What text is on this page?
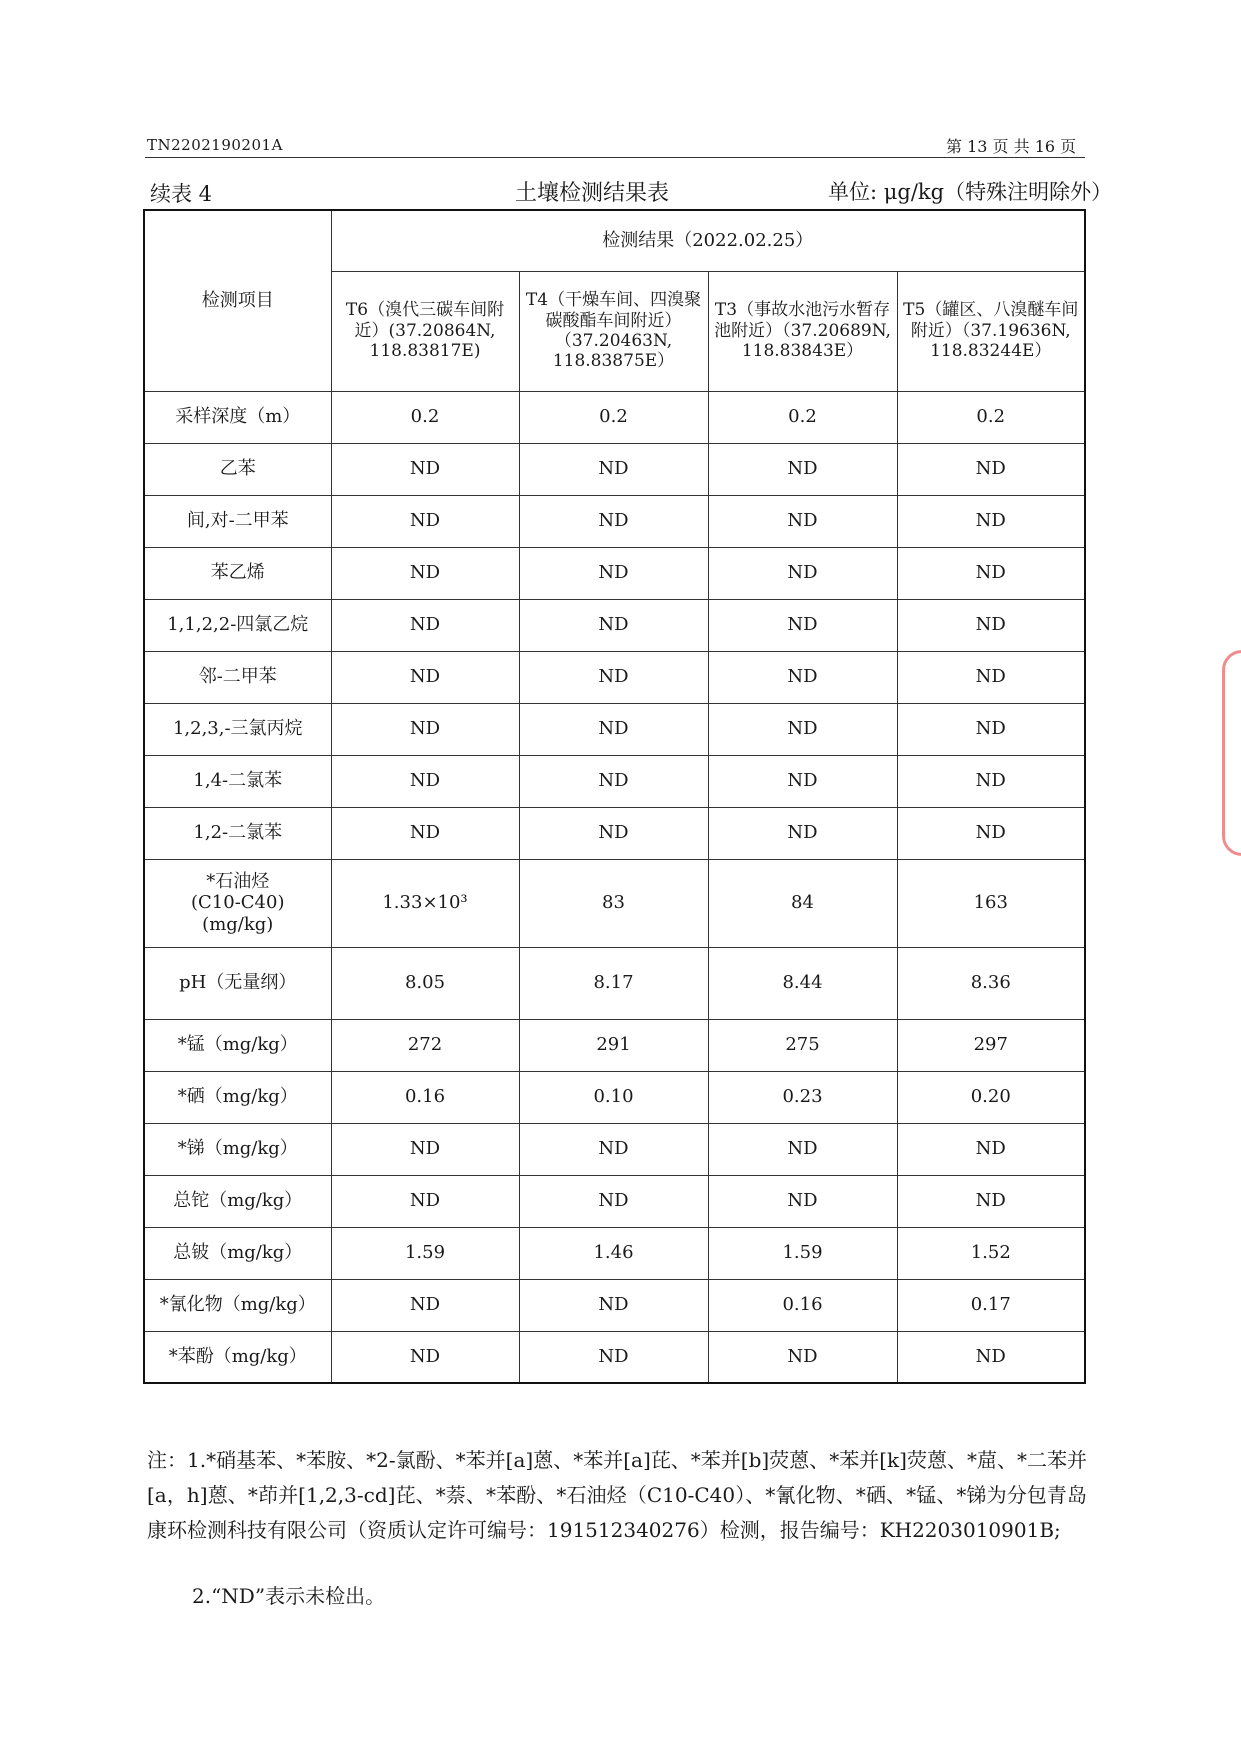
TN2202190201A	第 13 页 共 16 页
续表 4	土壤检测结果表	单位: μg/kg（特殊注明除外）
检测项目	检测结果（2022.02.25）			
	T6（溴代三碳车间附近）(37.20864N, 118.83817E)	T4（干燥车间、四溴聚碳酸酯车间附近）（37.20463N, 118.83875E）	T3（事故水池污水暂存池附近）（37.20689N, 118.83843E）	T5（罐区、八溴醚车间附近）（37.19636N, 118.83244E）
采样深度（m）	0.2	0.2	0.2	0.2
乙苯	ND	ND	ND	ND
间,对-二甲苯	ND	ND	ND	ND
苯乙烯	ND	ND	ND	ND
1,1,2,2-四氯乙烷	ND	ND	ND	ND
邻-二甲苯	ND	ND	ND	ND
1,2,3,-三氯丙烷	ND	ND	ND	ND
1,4-二氯苯	ND	ND	ND	ND
1,2-二氯苯	ND	ND	ND	ND

*石油烃
(C10-C40)
(mg/kg)	1.33×10³	83	84	163
pH（无量纲）	8.05	8.17	8.44	8.36
*锰（mg/kg）	272	291	275	297
*硒（mg/kg）	0.16	0.10	0.23	0.20
*锑（mg/kg）	ND	ND	ND	ND
总铊（mg/kg）	ND	ND	ND	ND
总铍（mg/kg）	1.59	1.46	1.59	1.52
*氰化物（mg/kg）	ND	ND	0.16	0.17
*苯酚（mg/kg）	ND	ND	ND	ND
注：1.*硝基苯、*苯胺、*2-氯酚、*苯并[a]蒽、*苯并[a]芘、*苯并[b]荧蒽、*苯并[k]荧蒽、*䓛、*二苯并[a，h]蒽、*茚并[1,2,3-cd]芘、*萘、*苯酚、*石油烃（C10-C40）、*氰化物、*硒、*锰、*锑为分包青岛康环检测科技有限公司（资质认定许可编号：191512340276）检测，报告编号：KH2203010901B;
2.“ND”表示未检出。
